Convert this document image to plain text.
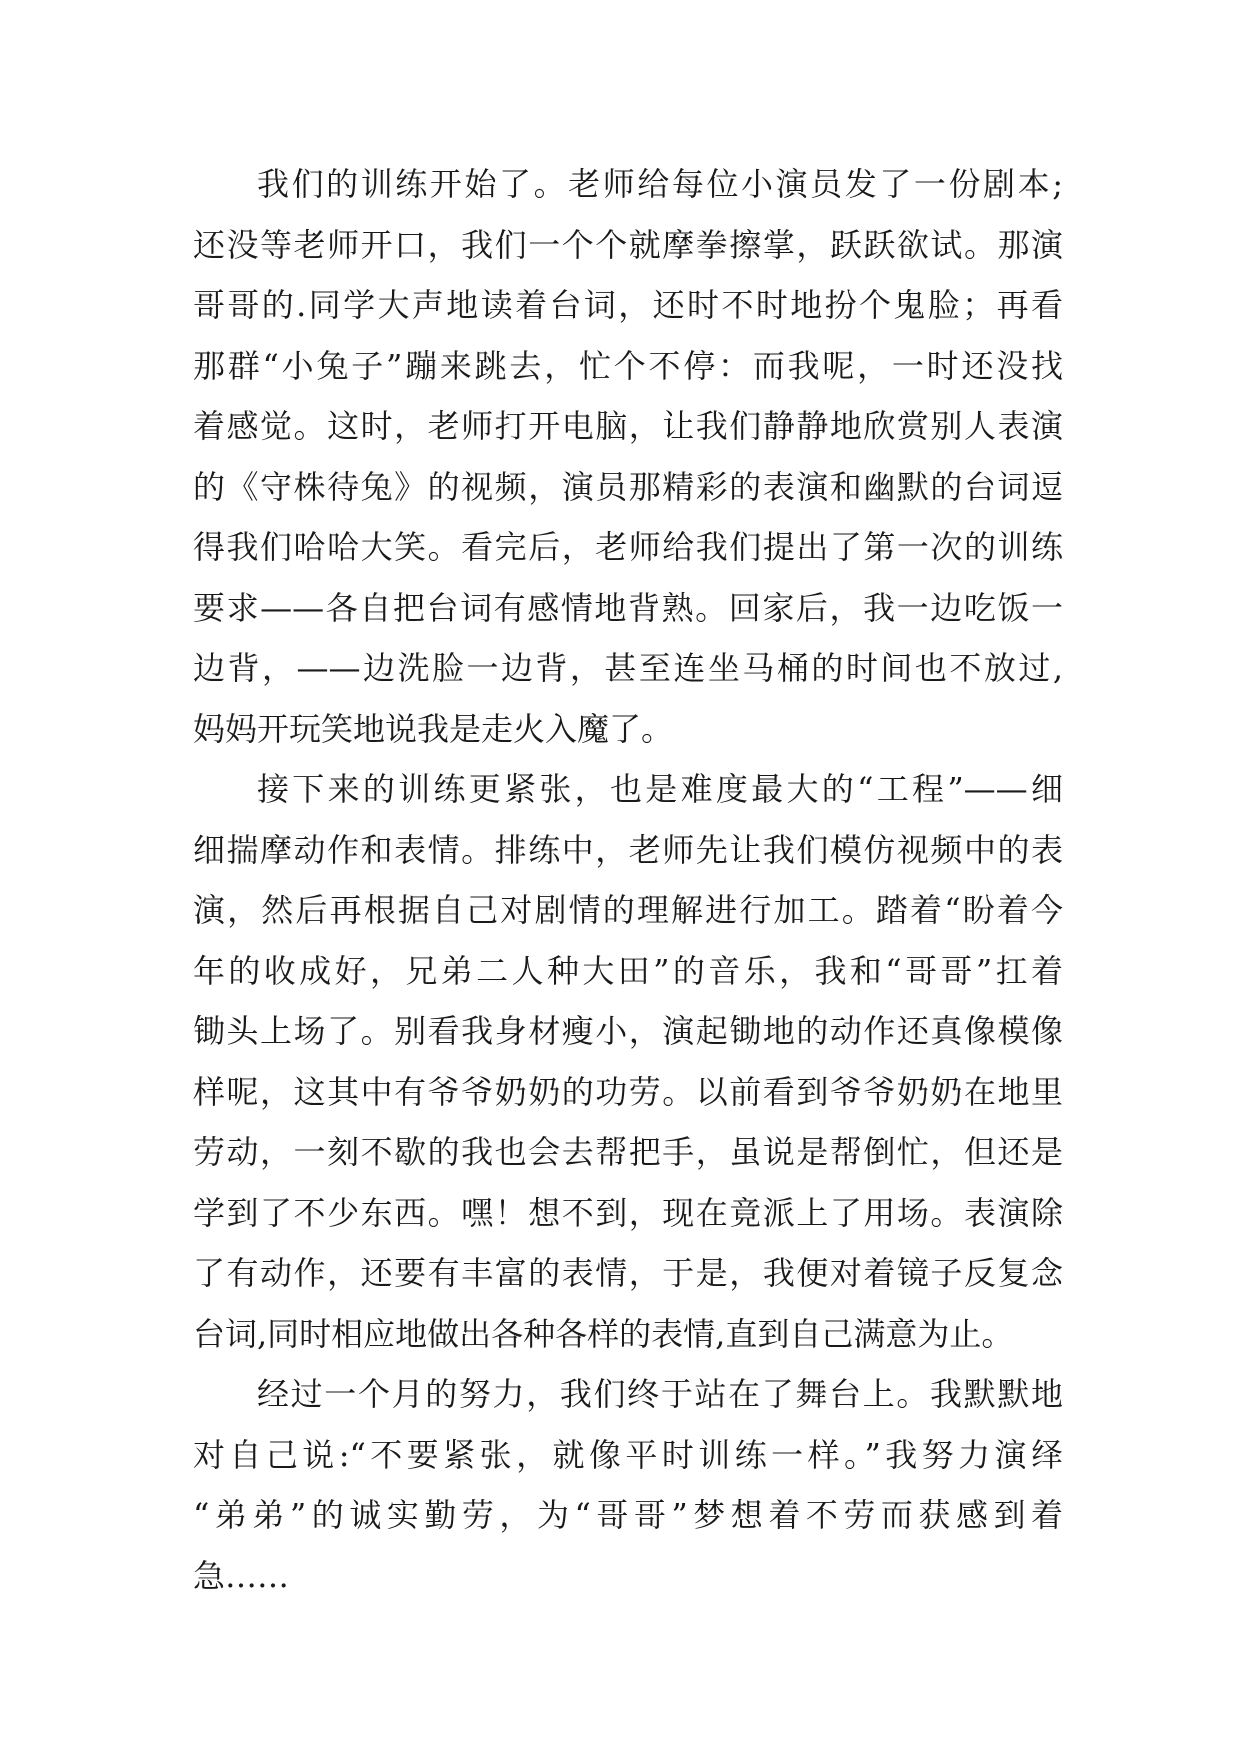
我们的训练开始了。老师给每位小演员发了一份剧本;
还没等老师开口，我们一个个就摩拳擦掌，跃跃欲试。那演
哥哥的.同学大声地读着台词，还时不时地扮个鬼脸；再看
那群“小兔子”蹦来跳去，忙个不停：而我呢，一时还没找
着感觉。这时，老师打开电脑，让我们静静地欣赏别人表演
的《守株待兔》的视频，演员那精彩的表演和幽默的台词逗
得我们哈哈大笑。看完后，老师给我们提出了第一次的训练
要求——各自把台词有感情地背熟。回家后，我一边吃饭一
边背，——边洗脸一边背，甚至连坐马桶的时间也不放过,
妈妈开玩笑地说我是走火入魔了。
接下来的训练更紧张，也是难度最大的“工程”——细
细揣摩动作和表情。排练中，老师先让我们模仿视频中的表
演，然后再根据自己对剧情的理解进行加工。踏着“盼着今
年的收成好，兄弟二人种大田”的音乐，我和“哥哥”扛着
锄头上场了。别看我身材瘦小，演起锄地的动作还真像模像
样呢，这其中有爷爷奶奶的功劳。以前看到爷爷奶奶在地里
劳动，一刻不歇的我也会去帮把手，虽说是帮倒忙，但还是
学到了不少东西。嘿！想不到，现在竟派上了用场。表演除
了有动作，还要有丰富的表情，于是，我便对着镜子反复念
台词,同时相应地做出各种各样的表情,直到自己满意为止。
经过一个月的努力，我们终于站在了舞台上。我默默地
对自己说:“不要紧张，就像平时训练一样。”我努力演绎
“弟弟”的诚实勤劳，为“哥哥”梦想着不劳而获感到着
急……
